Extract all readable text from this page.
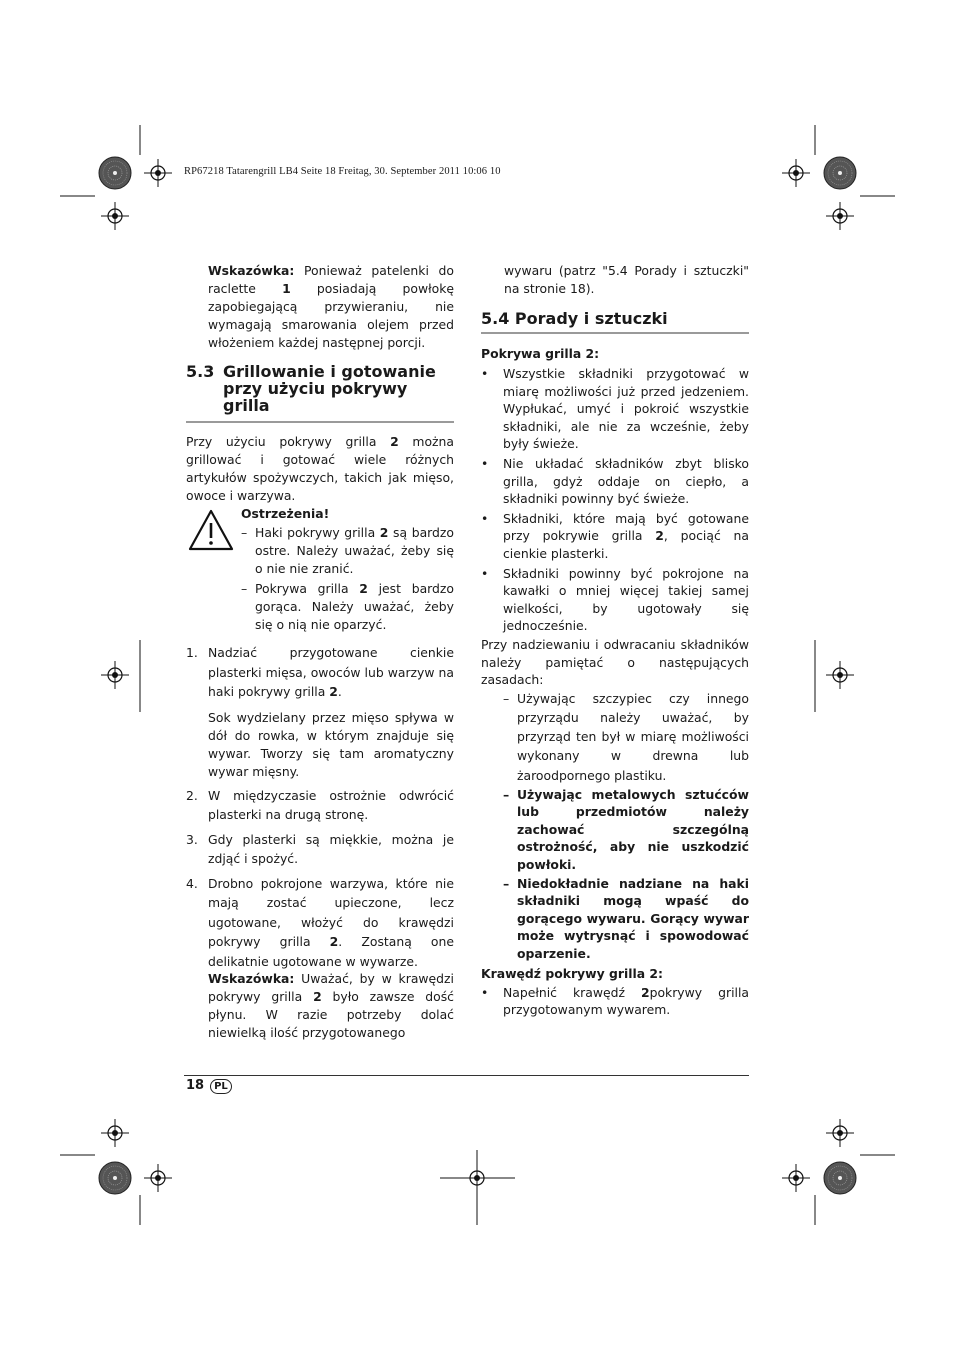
RP67218 Tatarengrill LB4 Seite 18 Freitag, 30. September 2011 10:06 10
Wskazówka: Ponieważ patelenki do raclette 1 posiadają powłokę zapobiegającą przywieraniu, nie wymagają smarowania olejem przed włożeniem każdej następnej porcji.
5.3 Grillowanie i gotowanie przy użyciu pokrywy grilla
Przy użyciu pokrywy grilla 2 można grillować i gotować wiele różnych artykułów spożywczych, takich jak mięso, owoce i warzywa.

Ostrzeżenia!

– Haki pokrywy grilla 2 są bardzo ostre. Należy uważać, żeby się o nie nie zranić.
– Pokrywa grilla 2 jest bardzo gorąca. Należy uważać, żeby się o nią nie oparzyć.
1. Nadziać przygotowane cienkie plasterki mięsa, owoców lub warzyw na haki pokrywy grilla 2.
Sok wydzielany przez mięso spływa w dół do rowka, w którym znajduje się wywar. Tworzy się tam aromatyczny wywar mięsny.
2. W międzyczasie ostrożnie odwrócić plasterki na drugą stronę.
3. Gdy plasterki są miękkie, można je zdjąć i spożyć.
4. Drobno pokrojone warzywa, które nie mają zostać upieczone, lecz ugotowane, włożyć do krawędzi pokrywy grilla 2. Zostaną one delikatnie ugotowane w wywarze.
Wskazówka: Uważać, by w krawędzi pokrywy grilla 2 było zawsze dość płynu. W razie potrzeby dolać niewielką ilość przygotowanego
wywaru (patrz "5.4 Porady i sztuczki" na stronie 18).
5.4 Porady i sztuczki

Pokrywa grilla 2:

• Wszystkie składniki przygotować w miarę możliwości już przed jedzeniem. Wypłukać, umyć i pokroić wszystkie składniki, ale nie za wcześnie, żeby były świeże.
• Nie układać składników zbyt blisko grilla, gdyż oddaje on ciepło, a składniki powinny być świeże.
• Składniki, które mają być gotowane przy pokrywie grilla 2, pociąć na cienkie plasterki.
• Składniki powinny być pokrojone na kawałki o mniej więcej takiej samej wielkości, by ugotowały się jednocześnie.

Przy nadziewaniu i odwracaniu składników należy pamiętać o następujących zasadach:

– Używając szczypiec czy innego przyrządu należy uważać, by przyrząd ten był w miarę możliwości wykonany w drewna lub żaroodpornego plastiku.
– Używając metalowych sztućców lub przedmiotów należy zachować szczególną ostrożność, aby nie uszkodzić powłoki.
– Niedokładnie nadziane na haki składniki mogą wpaść do gorącego wywaru. Gorący wywar może wytrysnąć i spowodować oparzenie.

Krawędź pokrywy grilla 2:

• Napełnić krawędź 2pokrywy grilla przygotowanym wywarem.
18 PL
